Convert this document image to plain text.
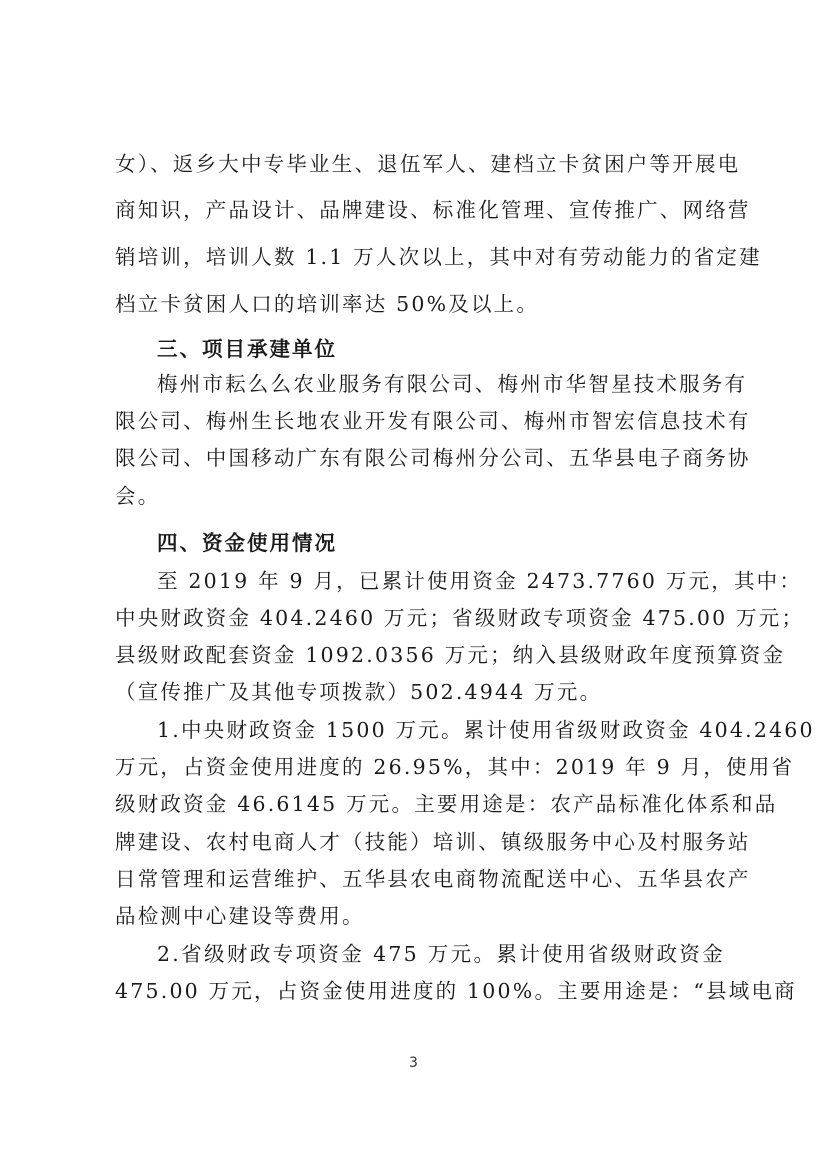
女）、返乡大中专毕业生、退伍军人、建档立卡贫困户等开展电
商知识，产品设计、品牌建设、标准化管理、宣传推广、网络营
销培训，培训人数 1.1 万人次以上，其中对有劳动能力的省定建
档立卡贫困人口的培训率达 50%及以上。
三、项目承建单位
梅州市耘么么农业服务有限公司、梅州市华智星技术服务有
限公司、梅州生长地农业开发有限公司、梅州市智宏信息技术有
限公司、中国移动广东有限公司梅州分公司、五华县电子商务协
会。
四、资金使用情况
至 2019 年 9 月，已累计使用资金 2473.7760 万元，其中：
中央财政资金 404.2460 万元；省级财政专项资金 475.00 万元；
县级财政配套资金 1092.0356 万元；纳入县级财政年度预算资金
（宣传推广及其他专项拨款）502.4944 万元。
1.中央财政资金 1500 万元。累计使用省级财政资金 404.2460
万元，占资金使用进度的 26.95%，其中：2019 年 9 月，使用省
级财政资金 46.6145 万元。主要用途是：农产品标准化体系和品
牌建设、农村电商人才（技能）培训、镇级服务中心及村服务站
日常管理和运营维护、五华县农电商物流配送中心、五华县农产
品检测中心建设等费用。
2.省级财政专项资金 475 万元。累计使用省级财政资金
475.00 万元，占资金使用进度的 100%。主要用途是：“县域电商
3
